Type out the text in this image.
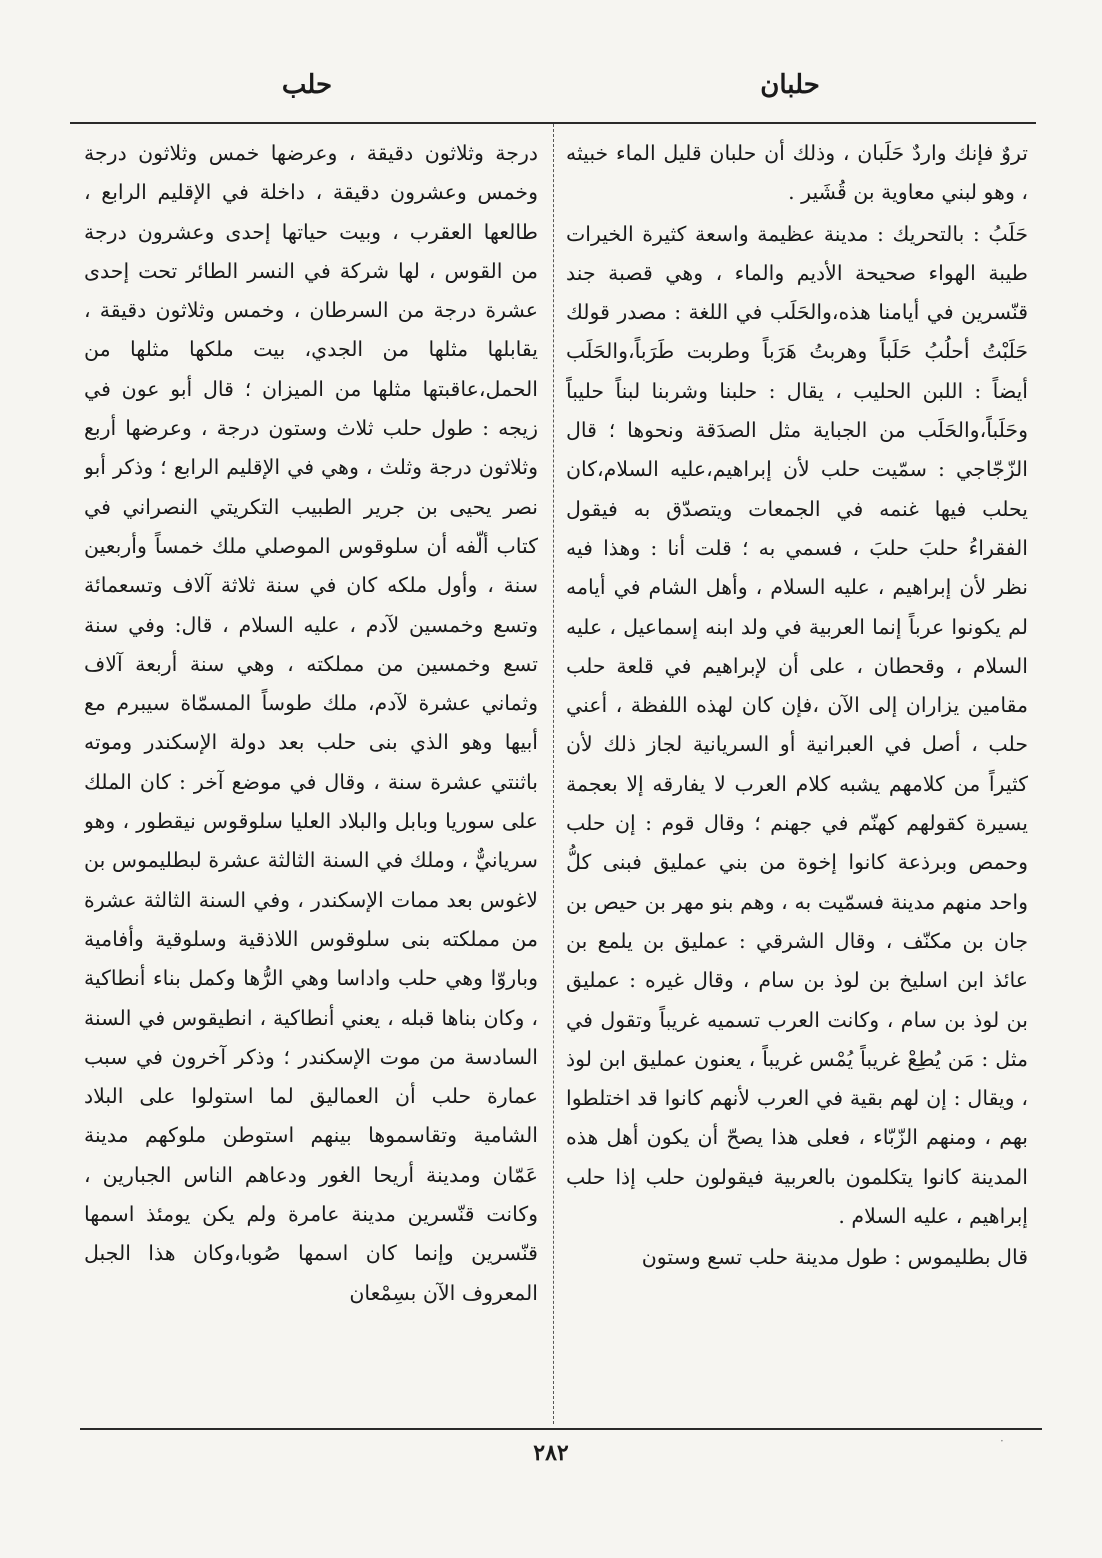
حلبان
حلب

تروٌ فإنك واردٌ حَلَبان ، وذلك أن حلبان قليل الماء خبيثه ، وهو لبني معاوية بن قُشَير .

حَلَبُ : بالتحريك : مدينة عظيمة واسعة كثيرة الخيرات طيبة الهواء صحيحة الأديم والماء ، وهي قصبة جند قنّسرين في أيامنا هذه،والحَلَب في اللغة : مصدر قولك حَلَبْتُ أحلُبُ حَلَباً وهربتُ هَرَباً وطربت طَرَباً،والحَلَب أيضاً : اللبن الحليب ، يقال : حلبنا وشربنا لبناً حليباً وحَلَباً،والحَلَب من الجباية مثل الصدَقة ونحوها ؛ قال الزّجّاجي : سمّيت حلب لأن إبراهيم،عليه السلام،كان يحلب فيها غنمه في الجمعات ويتصدّق به فيقول الفقراءُ حلبَ حلبَ ، فسمي به ؛ قلت أنا : وهذا فيه نظر لأن إبراهيم ، عليه السلام ، وأهل الشام في أيامه لم يكونوا عرباً إنما العربية في ولد ابنه إسماعيل ، عليه السلام ، وقحطان ، على أن لإبراهيم في قلعة حلب مقامين يزاران إلى الآن ،فإن كان لهذه اللفظة ، أعني حلب ، أصل في العبرانية أو السريانية لجاز ذلك لأن كثيراً من كلامهم يشبه كلام العرب لا يفارقه إلا بعجمة يسيرة كقولهم كهنّم في جهنم ؛ وقال قوم : إن حلب وحمص وبرذعة كانوا إخوة من بني عمليق فبنى كلُّ واحد منهم مدينة فسمّيت به ، وهم بنو مهر بن حيص بن جان بن مكنّف ، وقال الشرقي : عمليق بن يلمع بن عائذ ابن اسليخ بن لوذ بن سام ، وقال غيره : عمليق بن لوذ بن سام ، وكانت العرب تسميه غريباً وتقول في مثل : مَن يُطِعْ غريباً يُمْس غريباً ، يعنون عمليق ابن لوذ ، ويقال : إن لهم بقية في العرب لأنهم كانوا قد اختلطوا بهم ، ومنهم الزّبّاء ، فعلى هذا يصحّ أن يكون أهل هذه المدينة كانوا يتكلمون بالعربية فيقولون حلب إذا حلب إبراهيم ، عليه السلام .

قال بطليموس : طول مدينة حلب تسع وستون

درجة وثلاثون دقيقة ، وعرضها خمس وثلاثون درجة وخمس وعشرون دقيقة ، داخلة في الإقليم الرابع ، طالعها العقرب ، وبيت حياتها إحدى وعشرون درجة من القوس ، لها شركة في النسر الطائر تحت إحدى عشرة درجة من السرطان ، وخمس وثلاثون دقيقة ، يقابلها مثلها من الجدي، بيت ملكها مثلها من الحمل،عاقبتها مثلها من الميزان ؛ قال أبو عون في زيجه : طول حلب ثلاث وستون درجة ، وعرضها أربع وثلاثون درجة وثلث ، وهي في الإقليم الرابع ؛ وذكر أبو نصر يحيى بن جرير الطبيب التكريتي النصراني في كتاب ألّفه أن سلوقوس الموصلي ملك خمساً وأربعين سنة ، وأول ملكه كان في سنة ثلاثة آلاف وتسعمائة وتسع وخمسين لآدم ، عليه السلام ، قال: وفي سنة تسع وخمسين من مملكته ، وهي سنة أربعة آلاف وثماني عشرة لآدم، ملك طوساً المسمّاة سيبرم مع أبيها وهو الذي بنى حلب بعد دولة الإسكندر وموته باثنتي عشرة سنة ، وقال في موضع آخر : كان الملك على سوريا وبابل والبلاد العليا سلوقوس نيقطور ، وهو سريانيٌّ ، وملك في السنة الثالثة عشرة لبطليموس بن لاغوس بعد ممات الإسكندر ، وفي السنة الثالثة عشرة من مملكته بنى سلوقوس اللاذقية وسلوقية وأفامية وباروّا وهي حلب واداسا وهي الرُّها وكمل بناء أنطاكية ، وكان بناها قبله ، يعني أنطاكية ، انطيقوس في السنة السادسة من موت الإسكندر ؛ وذكر آخرون في سبب عمارة حلب أن العماليق لما استولوا على البلاد الشامية وتقاسموها بينهم استوطن ملوكهم مدينة عَمّان ومدينة أريحا الغور ودعاهم الناس الجبارين ، وكانت قنّسرين مدينة عامرة ولم يكن يومئذ اسمها قنّسرين وإنما كان اسمها صُوبا،وكان هذا الجبل المعروف الآن بسِمْعان

٢٨٢	·
